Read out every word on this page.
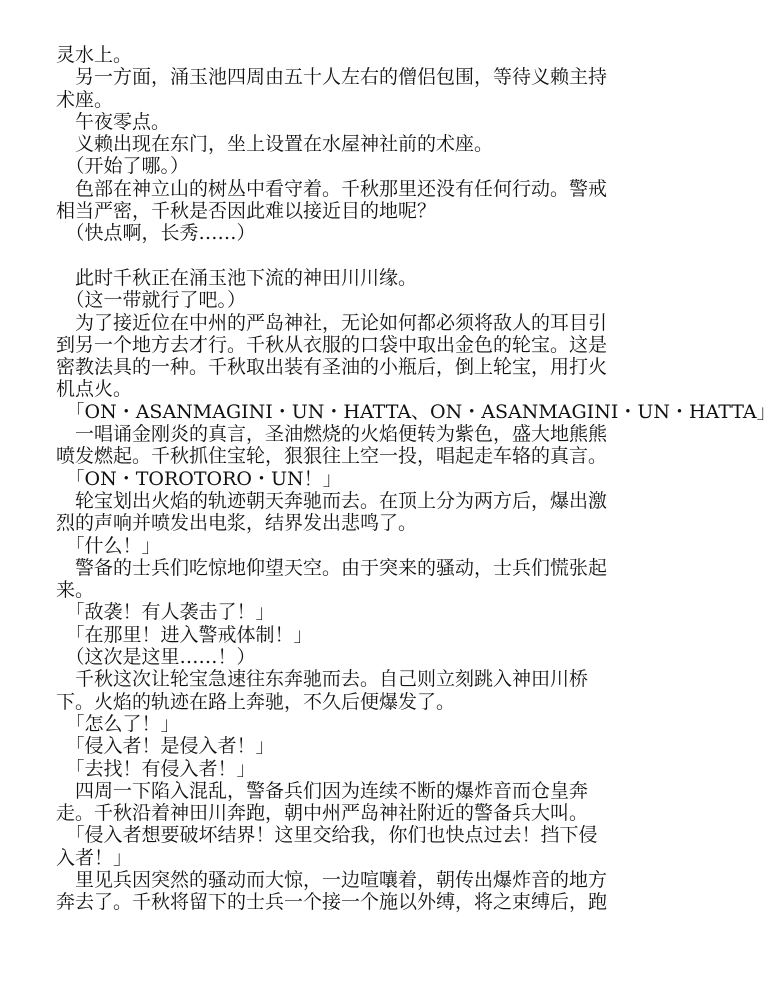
灵水上。
　另一方面，涌玉池四周由五十人左右的僧侣包围，等待义赖主持
术座。
　午夜零点。
　义赖出现在东门，坐上设置在水屋神社前的术座。
　（开始了哪。）
　色部在神立山的树丛中看守着。千秋那里还没有任何行动。警戒
相当严密，千秋是否因此难以接近目的地呢？
　（快点啊，长秀……）
　此时千秋正在涌玉池下流的神田川川缘。
　（这一带就行了吧。）
　为了接近位在中州的严岛神社，无论如何都必须将敌人的耳目引
到另一个地方去才行。千秋从衣服的口袋中取出金色的轮宝。这是
密教法具的一种。千秋取出装有圣油的小瓶后，倒上轮宝，用打火
机点火。
　「ON・ASANMAGINI・UN・HATTA、ON・ASANMAGINI・UN・HATTA」
　一唱诵金刚炎的真言，圣油燃烧的火焰便转为紫色，盛大地熊熊
喷发燃起。千秋抓住宝轮，狠狠往上空一投，唱起走车辂的真言。
　「ON・TOROTORO・UN！」
　轮宝划出火焰的轨迹朝天奔驰而去。在顶上分为两方后，爆出激
烈的声响并喷发出电浆，结界发出悲鸣了。
　「什么！」
　警备的士兵们吃惊地仰望天空。由于突来的骚动，士兵们慌张起
来。
　「敌袭！有人袭击了！」
　「在那里！进入警戒体制！」
　（这次是这里……！）
　千秋这次让轮宝急速往东奔驰而去。自己则立刻跳入神田川桥
下。火焰的轨迹在路上奔驰，不久后便爆发了。
　「怎么了！」
　「侵入者！是侵入者！」
　「去找！有侵入者！」
　四周一下陷入混乱，警备兵们因为连续不断的爆炸音而仓皇奔
走。千秋沿着神田川奔跑，朝中州严岛神社附近的警备兵大叫。
　「侵入者想要破坏结界！这里交给我，你们也快点过去！挡下侵
入者！」
　里见兵因突然的骚动而大惊，一边喧嚷着，朝传出爆炸音的地方
奔去了。千秋将留下的士兵一个接一个施以外缚，将之束缚后，跑
